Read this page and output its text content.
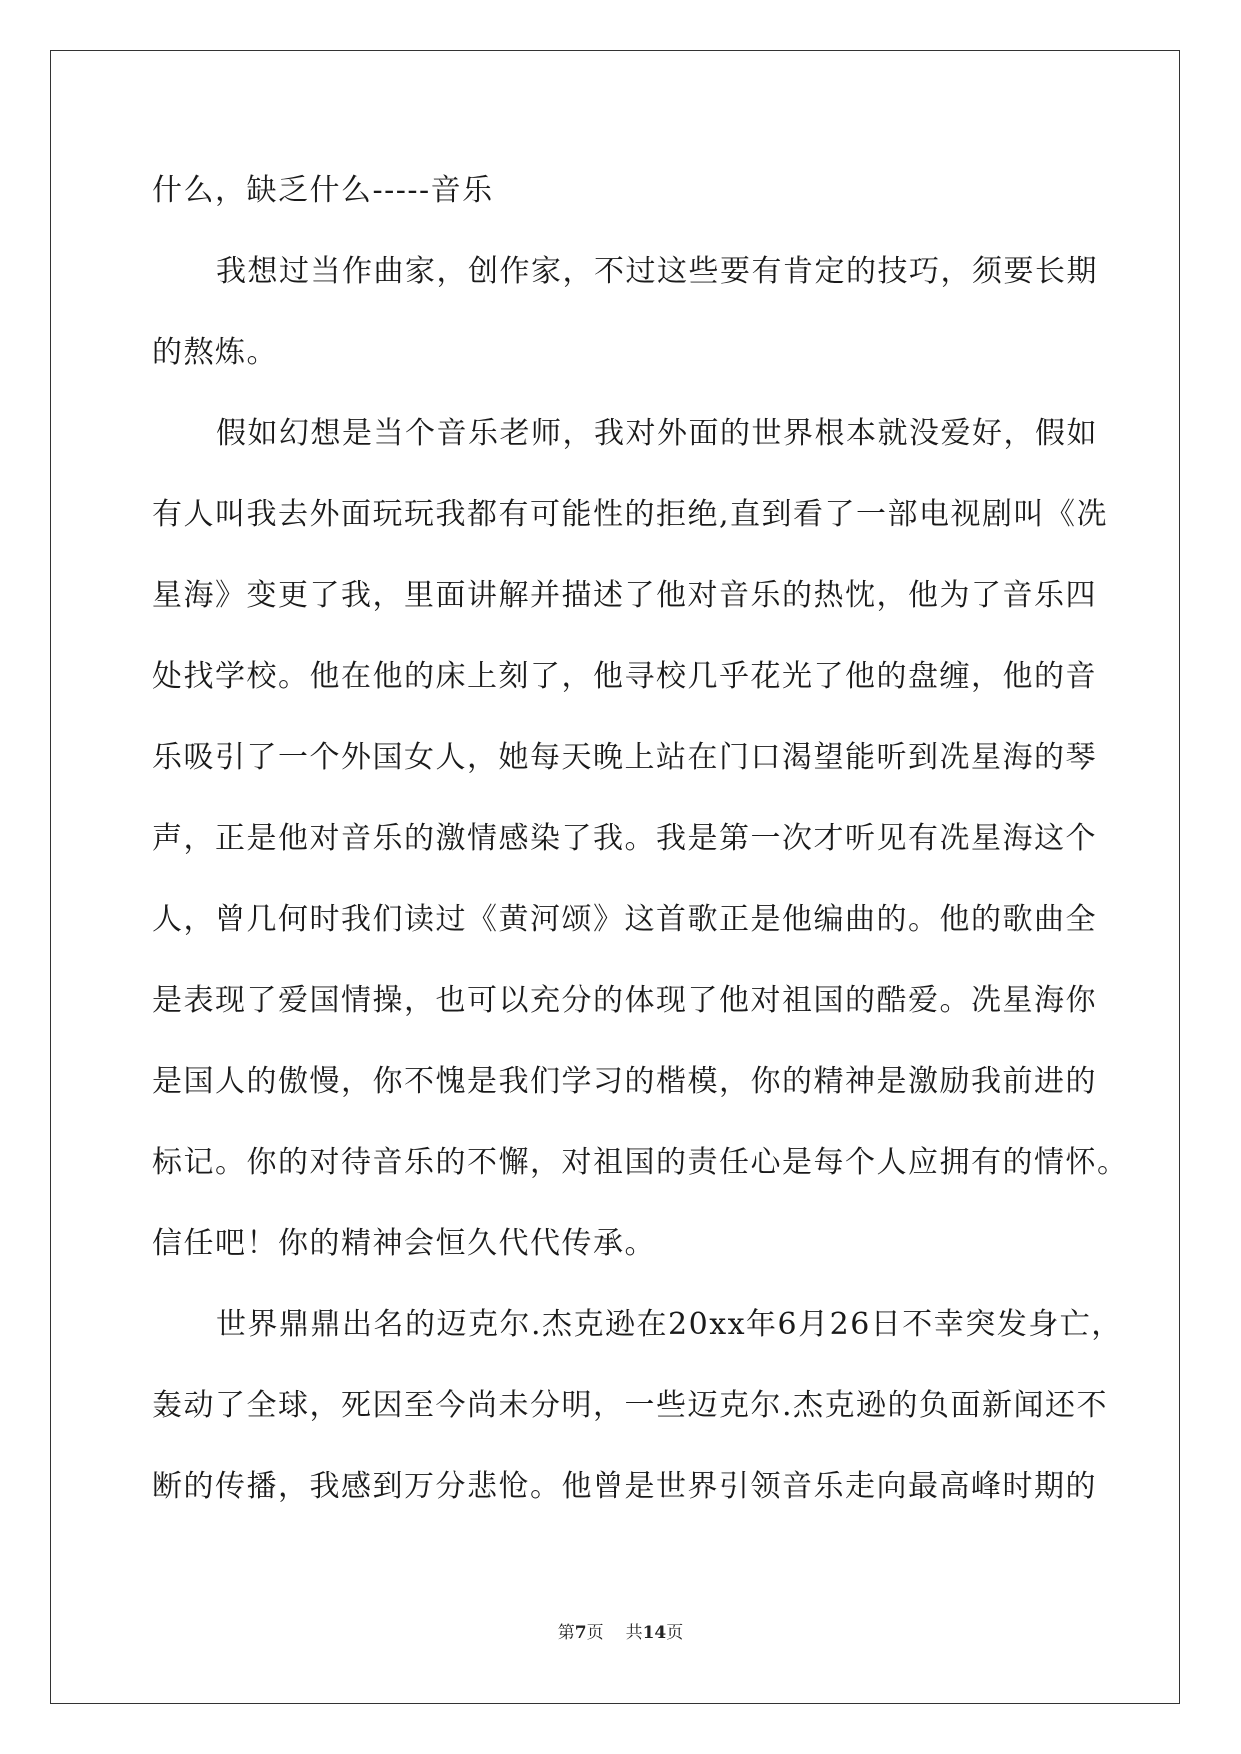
什么，缺乏什么-----音乐
我想过当作曲家，创作家，不过这些要有肯定的技巧，须要长期
的熬炼。
假如幻想是当个音乐老师，我对外面的世界根本就没爱好，假如
有人叫我去外面玩玩我都有可能性的拒绝,直到看了一部电视剧叫《冼
星海》变更了我，里面讲解并描述了他对音乐的热忱，他为了音乐四
处找学校。他在他的床上刻了，他寻校几乎花光了他的盘缠，他的音
乐吸引了一个外国女人，她每天晚上站在门口渴望能听到冼星海的琴
声，正是他对音乐的激情感染了我。我是第一次才听见有冼星海这个
人，曾几何时我们读过《黄河颂》这首歌正是他编曲的。他的歌曲全
是表现了爱国情操，也可以充分的体现了他对祖国的酷爱。冼星海你
是国人的傲慢，你不愧是我们学习的楷模，你的精神是激励我前进的
标记。你的对待音乐的不懈，对祖国的责任心是每个人应拥有的情怀。
信任吧！你的精神会恒久代代传承。
世界鼎鼎出名的迈克尔.杰克逊在20xx年6月26日不幸突发身亡，
轰动了全球，死因至今尚未分明，一些迈克尔.杰克逊的负面新闻还不
断的传播，我感到万分悲怆。他曾是世界引领音乐走向最高峰时期的
第7页 共14页
